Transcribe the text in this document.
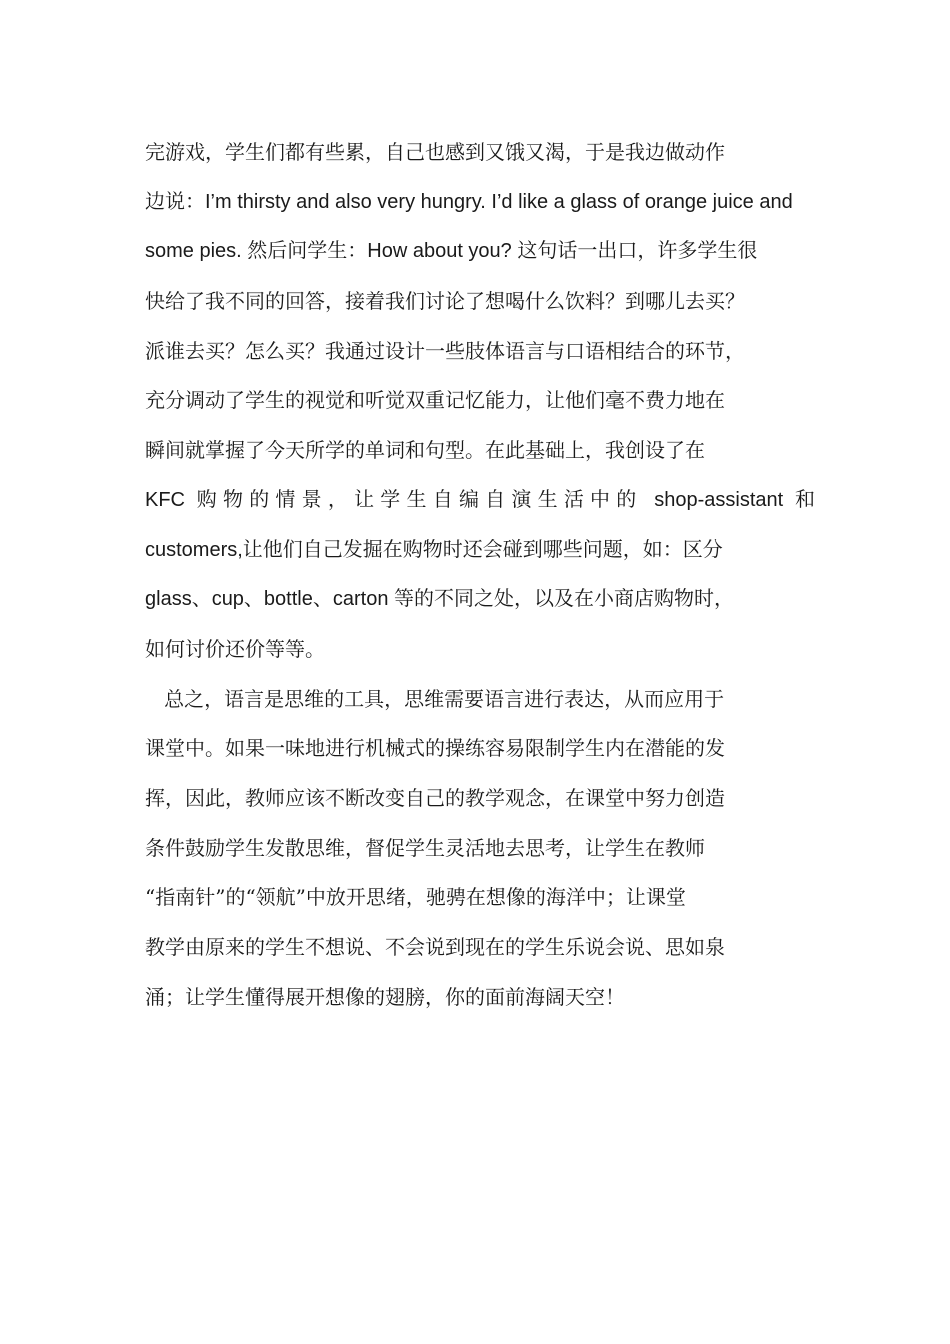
完游戏，学生们都有些累，自己也感到又饿又渴，于是我边做动作
边说：I’m thirsty and also very hungry. I’d like a glass of orange juice and
some pies. 然后问学生：How about you? 这句话一出口，许多学生很
快给了我不同的回答，接着我们讨论了想喝什么饮料？到哪儿去买？
派谁去买？怎么买？我通过设计一些肢体语言与口语相结合的环节，
充分调动了学生的视觉和听觉双重记忆能力，让他们毫不费力地在
瞬间就掌握了今天所学的单词和句型。在此基础上，我创设了在
KFC 购物的情景，让学生自编自演生活中的 shop-assistant 和
customers,让他们自己发掘在购物时还会碰到哪些问题，如：区分
glass、cup、bottle、carton 等的不同之处，以及在小商店购物时，
如何讨价还价等等。
总之，语言是思维的工具，思维需要语言进行表达，从而应用于
课堂中。如果一味地进行机械式的操练容易限制学生内在潜能的发
挥，因此，教师应该不断改变自己的教学观念，在课堂中努力创造
条件鼓励学生发散思维，督促学生灵活地去思考，让学生在教师
“指南针”的“领航”中放开思绪，驰骋在想像的海洋中；让课堂
教学由原来的学生不想说、不会说到现在的学生乐说会说、思如泉
涌；让学生懂得展开想像的翅膀，你的面前海阔天空！
